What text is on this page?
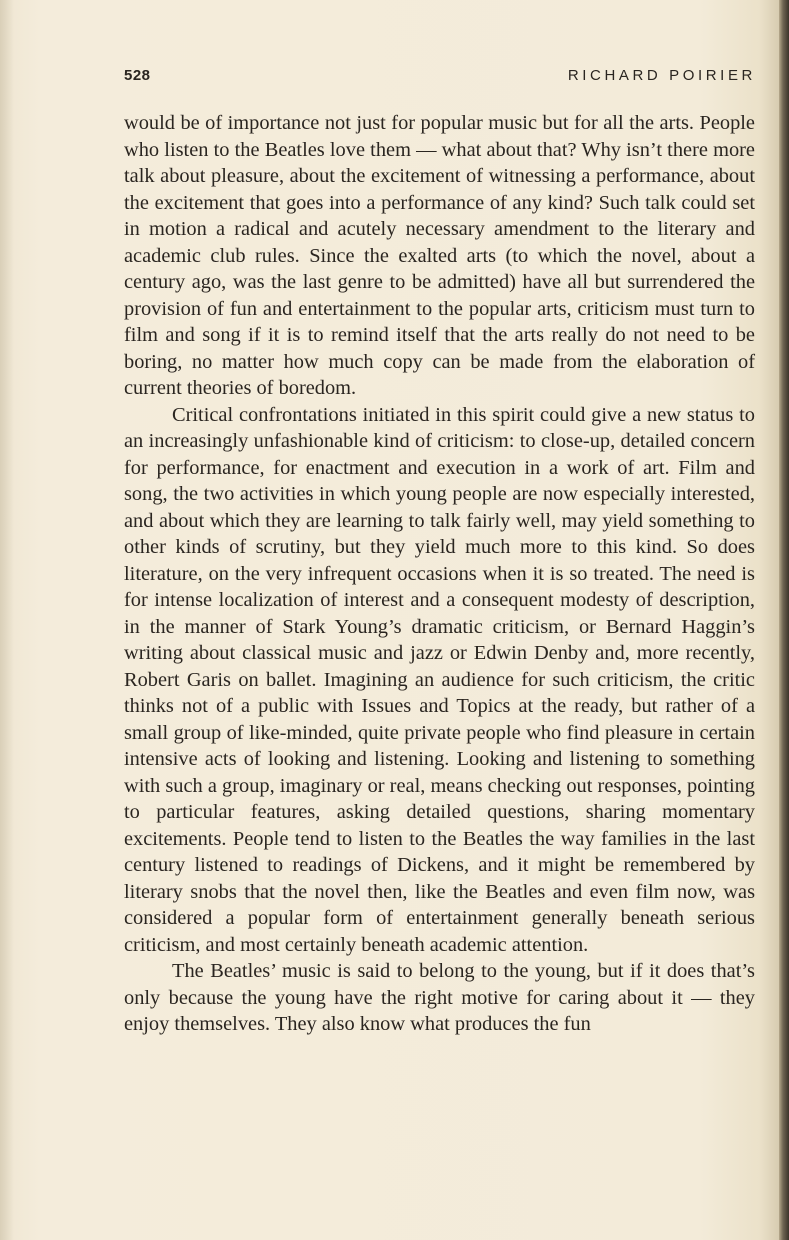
528	RICHARD POIRIER

would be of importance not just for popular music but for all the arts. People who listen to the Beatles love them — what about that? Why isn’t there more talk about pleasure, about the excitement of witnessing a performance, about the excitement that goes into a performance of any kind? Such talk could set in motion a radical and acutely necessary amendment to the literary and academic club rules. Since the exalted arts (to which the novel, about a century ago, was the last genre to be admitted) have all but surrendered the provision of fun and entertainment to the popular arts, criticism must turn to film and song if it is to remind itself that the arts really do not need to be boring, no matter how much copy can be made from the elaboration of current theories of boredom.

Critical confrontations initiated in this spirit could give a new status to an increasingly unfashionable kind of criticism: to close-up, detailed concern for performance, for enactment and execution in a work of art. Film and song, the two activities in which young people are now especially interested, and about which they are learning to talk fairly well, may yield something to other kinds of scrutiny, but they yield much more to this kind. So does literature, on the very infrequent occasions when it is so treated. The need is for intense localization of interest and a consequent modesty of description, in the manner of Stark Young’s dramatic criticism, or Bernard Haggin’s writing about classical music and jazz or Edwin Denby and, more recently, Robert Garis on ballet. Imagining an audience for such criticism, the critic thinks not of a public with Issues and Topics at the ready, but rather of a small group of like-minded, quite private people who find pleasure in certain intensive acts of looking and listening. Looking and listening to something with such a group, imaginary or real, means checking out responses, pointing to particular features, asking detailed questions, sharing momentary excitements. People tend to listen to the Beatles the way families in the last century listened to readings of Dickens, and it might be remembered by literary snobs that the novel then, like the Beatles and even film now, was considered a popular form of entertainment generally beneath serious criticism, and most certainly beneath academic attention.

The Beatles’ music is said to belong to the young, but if it does that’s only because the young have the right motive for caring about it — they enjoy themselves. They also know what produces the fun
